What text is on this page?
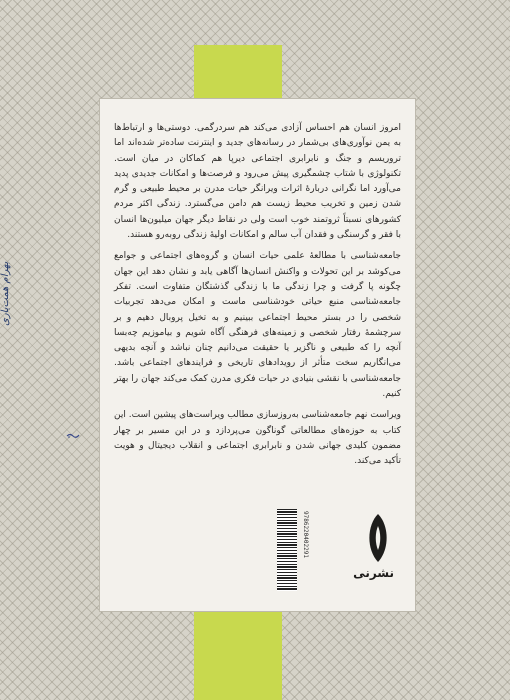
بهرام همت‌یاری

امروز انسان هم احساس آزادی می‌کند هم سردرگمی. دوستی‌ها و ارتباط‌ها به یمن نوآوری‌های بی‌شمار در رسانه‌های جدید و اینترنت ساده‌تر شده‌اند اما تروریسم و جنگ و نابرابری اجتماعی دیرپا هم کماکان در میان است. تکنولوژی با شتاب چشمگیری پیش می‌رود و فرصت‌ها و امکانات جدیدی پدید می‌آورد اما نگرانی درباره‌ٔ اثرات ویرانگر حیات مدرن بر محیط طبیعی و گرم شدن زمین و تخریب محیط زیست هم دامن می‌گسترد. زندگی اکثر مردم کشورهای نسبتاً ثروتمند خوب است ولی در نقاط دیگر جهان میلیون‌ها انسان با فقر و گرسنگی و فقدان آب سالم و امکانات اولیهٔ زندگی روبه‌رو هستند.

جامعه‌شناسی با مطالعهٔ علمی حیات انسان و گروه‌های اجتماعی و جوامع می‌کوشد بر این تحولات و واکنش انسان‌ها آگاهی یابد و نشان دهد این جهان چگونه پا گرفت و چرا زندگی ما با زندگی گذشتگان متفاوت است. تفکر جامعه‌شناسی منبع حیاتی خودشناسی ماست و امکان می‌دهد تجربیات شخصی را در بستر محیط اجتماعی ببینیم و به تخیل پروبال دهیم و بر سرچشمهٔ رفتار شخصی و زمینه‌های فرهنگی آگاه شویم و بیاموزیم چه‌بسا آنچه را که طبیعی و ناگزیر یا حقیقت می‌دانیم چنان نباشد و آنچه بدیهی می‌انگاریم سخت متأثر از رویدادهای تاریخی و فرایندهای اجتماعی باشد. جامعه‌شناسی با نقشی بنیادی در حیات فکری مدرن کمک می‌کند جهان را بهتر کنیم.

ویراست نهم جامعه‌شناسی به‌روزسازی مطالب ویراست‌های پیشین است. این کتاب به حوزه‌های مطالعاتی گوناگون می‌پردازد و در این مسیر بر چهار مضمون کلیدی جهانی شدن و نابرابری اجتماعی و انقلاب دیجیتال و هویت تأکید می‌کند.

9786220402291
نشرنی
